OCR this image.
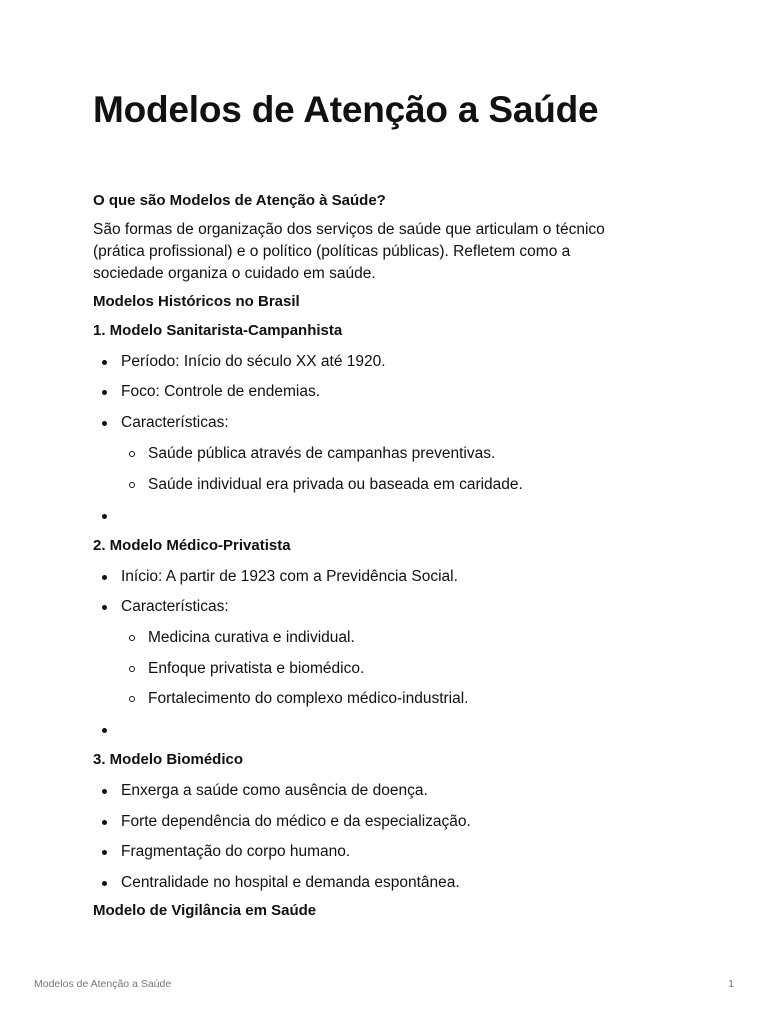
Modelos de Atenção a Saúde
O que são Modelos de Atenção à Saúde?
São formas de organização dos serviços de saúde que articulam o técnico
(prática profissional) e o político (políticas públicas). Refletem como a
sociedade organiza o cuidado em saúde.
Modelos Históricos no Brasil
1. Modelo Sanitarista-Campanhista
Período: Início do século XX até 1920.
Foco: Controle de endemias.
Características:
Saúde pública através de campanhas preventivas.
Saúde individual era privada ou baseada em caridade.
2. Modelo Médico-Privatista
Início: A partir de 1923 com a Previdência Social.
Características:
Medicina curativa e individual.
Enfoque privatista e biomédico.
Fortalecimento do complexo médico-industrial.
3. Modelo Biomédico
Enxerga a saúde como ausência de doença.
Forte dependência do médico e da especialização.
Fragmentação do corpo humano.
Centralidade no hospital e demanda espontânea.
Modelo de Vigilância em Saúde
Modelos de Atenção a Saúde	1
